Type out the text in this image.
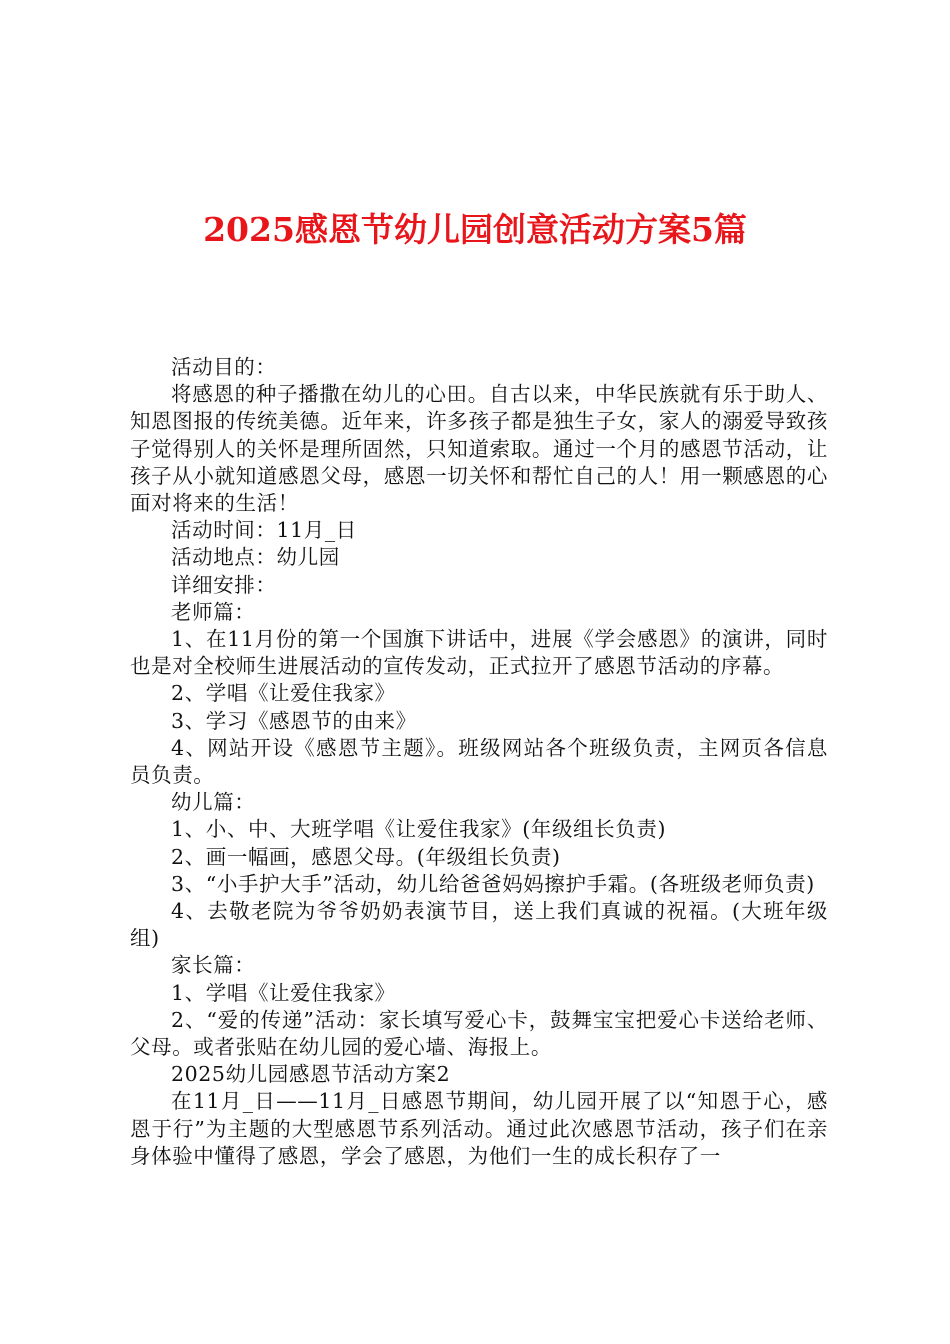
2025感恩节幼儿园创意活动方案5篇

活动目的：

将感恩的种子播撒在幼儿的心田。自古以来，中华民族就有乐于助人、知恩图报的传统美德。近年来，许多孩子都是独生子女，家人的溺爱导致孩子觉得别人的关怀是理所固然，只知道索取。通过一个月的感恩节活动，让孩子从小就知道感恩父母，感恩一切关怀和帮忙自己的人！用一颗感恩的心面对将来的生活！

活动时间：11月_日

活动地点：幼儿园

详细安排：

老师篇：

1、在11月份的第一个国旗下讲话中，进展《学会感恩》的演讲，同时也是对全校师生进展活动的宣传发动，正式拉开了感恩节活动的序幕。

2、学唱《让爱住我家》

3、学习《感恩节的由来》

4、网站开设《感恩节主题》。班级网站各个班级负责，主网页各信息员负责。

幼儿篇：

1、小、中、大班学唱《让爱住我家》(年级组长负责)

2、画一幅画，感恩父母。(年级组长负责)

3、“小手护大手”活动，幼儿给爸爸妈妈擦护手霜。(各班级老师负责)

4、去敬老院为爷爷奶奶表演节目，送上我们真诚的祝福。(大班年级组)

家长篇：

1、学唱《让爱住我家》

2、“爱的传递”活动：家长填写爱心卡，鼓舞宝宝把爱心卡送给老师、父母。或者张贴在幼儿园的爱心墙、海报上。

2025幼儿园感恩节活动方案2

在11月_日——11月_日感恩节期间，幼儿园开展了以“知恩于心，感恩于行”为主题的大型感恩节系列活动。通过此次感恩节活动，孩子们在亲身体验中懂得了感恩，学会了感恩，为他们一生的成长积存了一
